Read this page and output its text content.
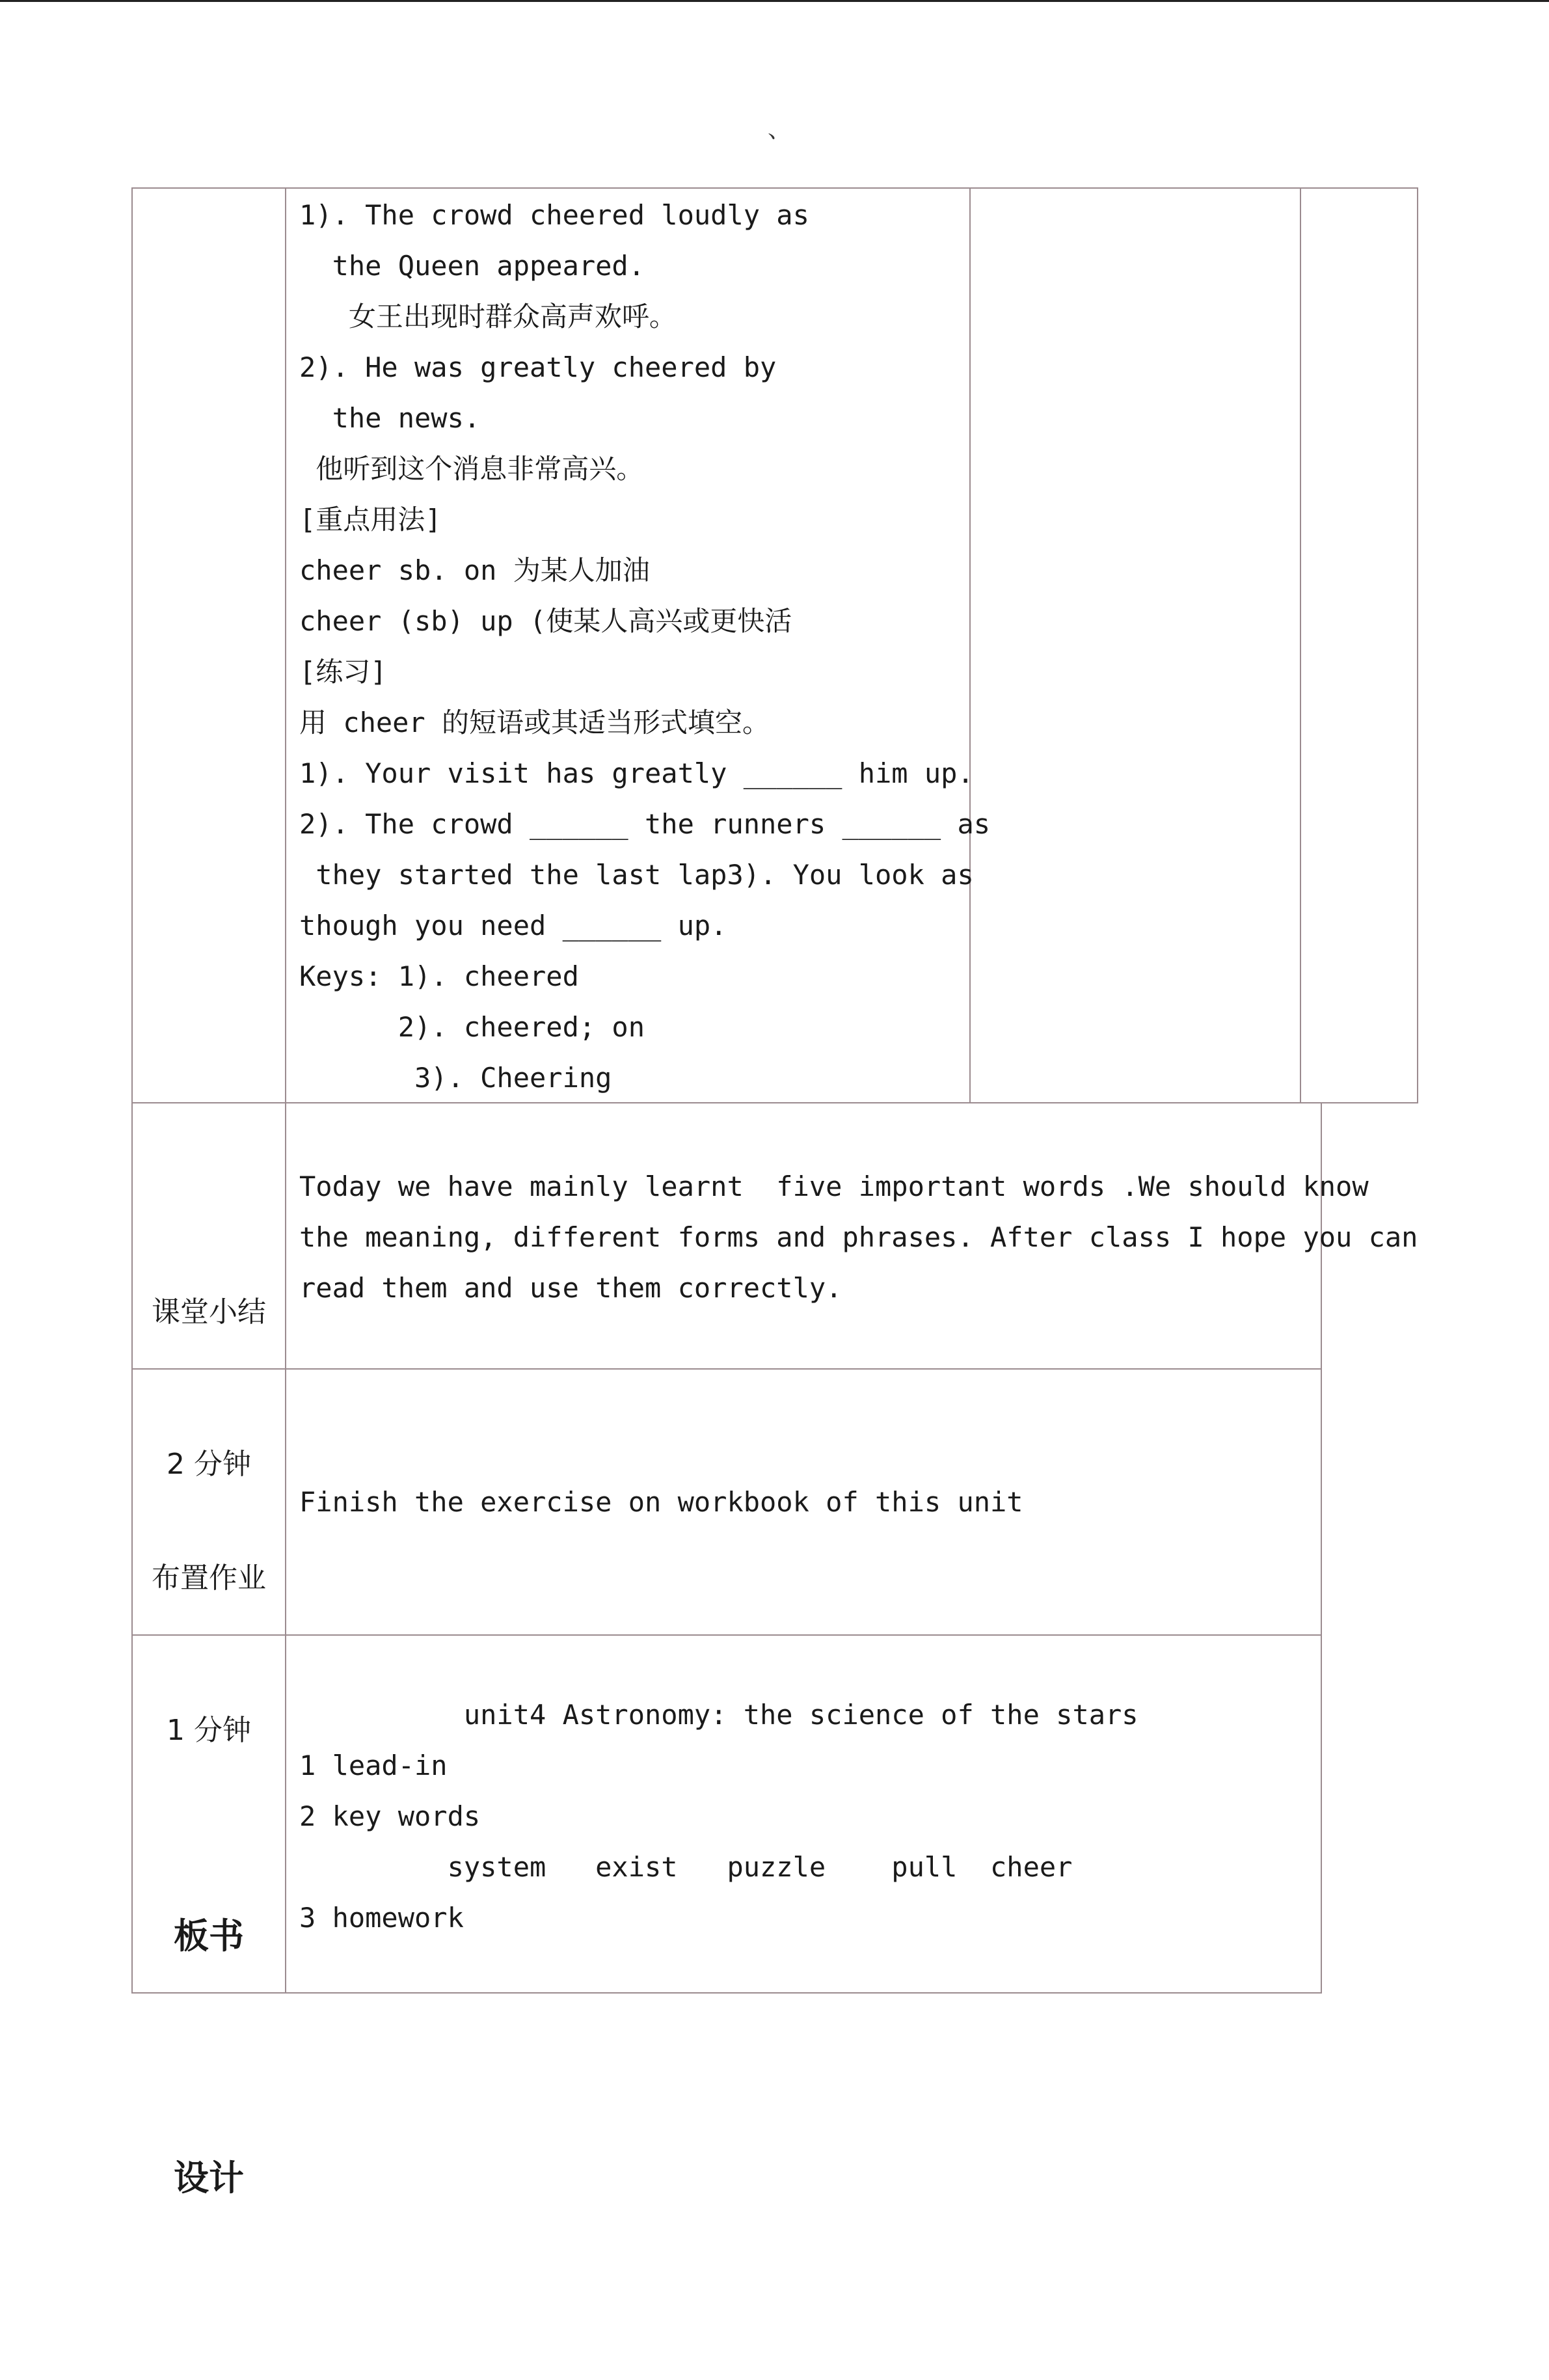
、
1). The crowd cheered loudly as
the Queen appeared.
女王出现时群众高声欢呼。
2). He was greatly cheered by
the news.
他听到这个消息非常高兴。
[重点用法]
cheer sb. on 为某人加油
cheer (sb) up (使某人高兴或更快活
[练习]
用 cheer 的短语或其适当形式填空。
1). Your visit has greatly ______ him up.
2). The crowd ______ the runners ______ as
they started the last lap3). You look as
though you need ______ up.
Keys: 1). cheered
2). cheered; on
3). Cheering

课堂小结

2 分钟

Today we have mainly learnt  five important words .We should know
the meaning, different forms and phrases. After class I hope you can
read them and use them correctly.

布置作业

1 分钟

Finish the exercise on workbook of this unit

板书

设计

unit4 Astronomy: the science of the stars
1 lead-in
2 key words
system   exist   puzzle    pull  cheer
3 homework
